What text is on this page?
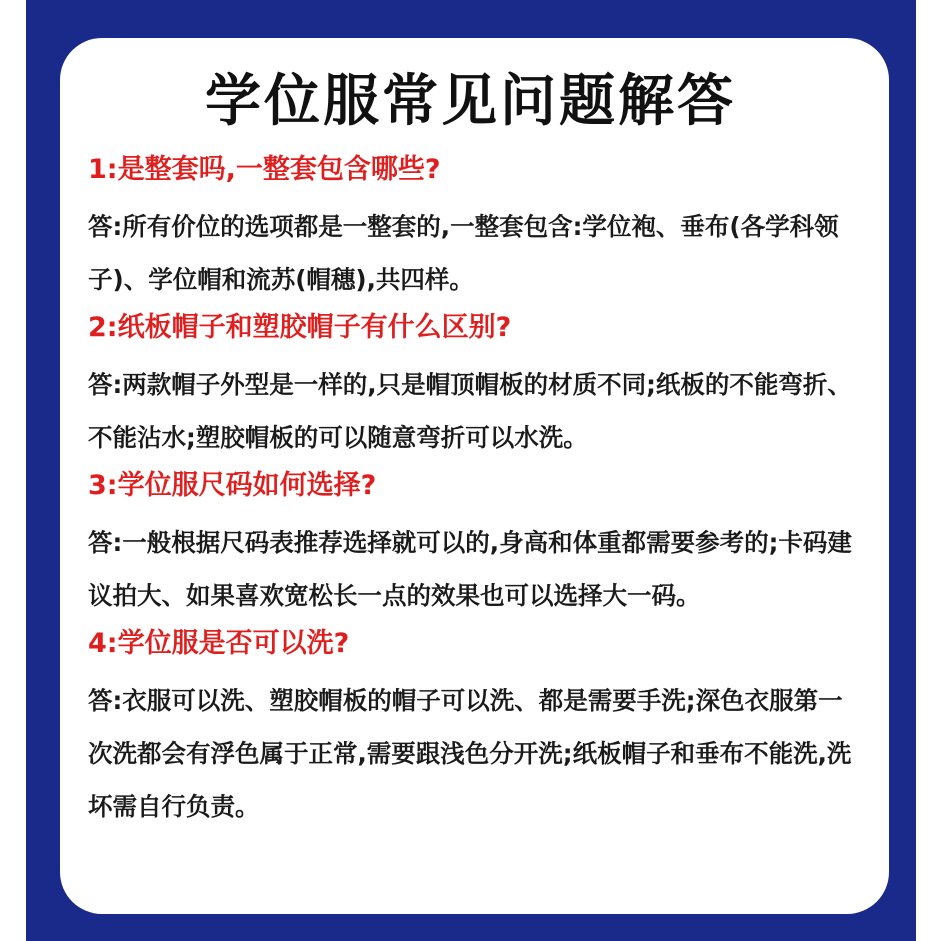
学位服常见问题解答

1:是整套吗,一整套包含哪些?

答:所有价位的选项都是一整套的,一整套包含:学位袍、垂布(各学科领子)、学位帽和流苏(帽穗),共四样。

2:纸板帽子和塑胶帽子有什么区别?

答:两款帽子外型是一样的,只是帽顶帽板的材质不同;纸板的不能弯折、不能沾水;塑胶帽板的可以随意弯折可以水洗。

3:学位服尺码如何选择?

答:一般根据尺码表推荐选择就可以的,身高和体重都需要参考的;卡码建议拍大、如果喜欢宽松长一点的效果也可以选择大一码。

4:学位服是否可以洗?

答:衣服可以洗、塑胶帽板的帽子可以洗、都是需要手洗;深色衣服第一次洗都会有浮色属于正常,需要跟浅色分开洗;纸板帽子和垂布不能洗,洗坏需自行负责。
